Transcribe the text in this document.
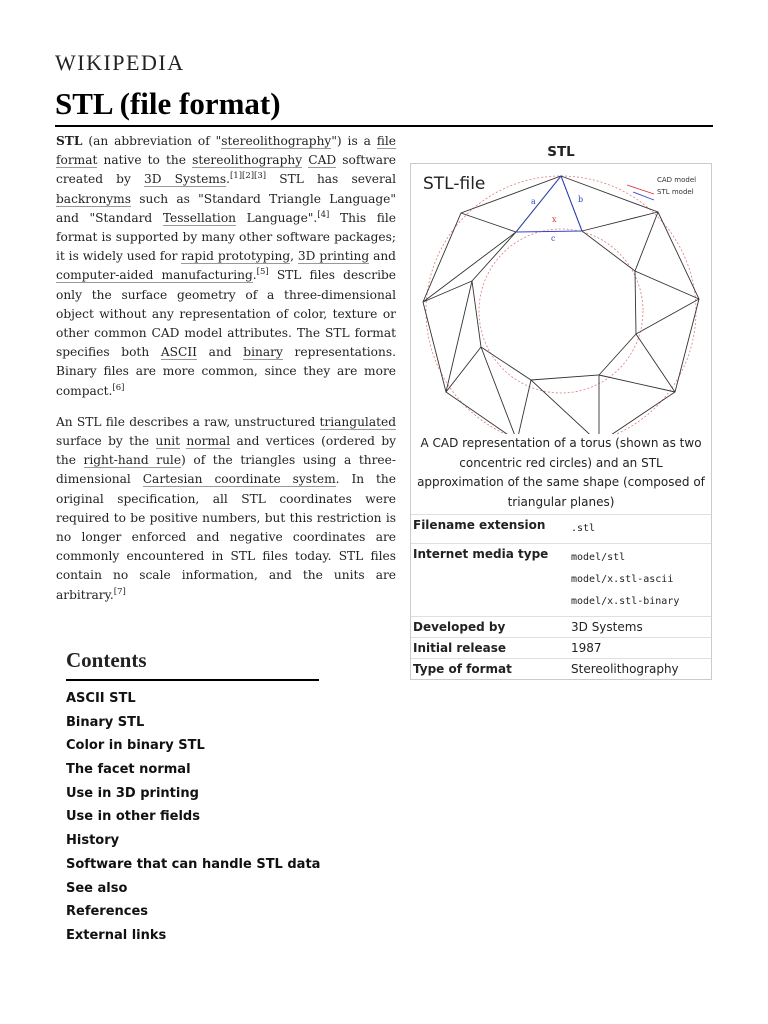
WIKIPEDIA
STL (file format)

STL (an abbreviation of "stereolithography") is a file format native to the stereolithography CAD software created by 3D Systems.[1][2][3] STL has several backronyms such as "Standard Triangle Language" and "Standard Tessellation Language".[4] This file format is supported by many other software packages; it is widely used for rapid prototyping, 3D printing and computer-aided manufacturing.[5] STL files describe only the surface geometry of a three-dimensional object without any representation of color, texture or other common CAD model attributes. The STL format specifies both ASCII and binary representations. Binary files are more common, since they are more compact.[6]

An STL file describes a raw, unstructured triangulated surface by the unit normal and vertices (ordered by the right-hand rule) of the triangles using a three-dimensional Cartesian coordinate system. In the original specification, all STL coordinates were required to be positive numbers, but this restriction is no longer enforced and negative coordinates are commonly encountered in STL files today. STL files contain no scale information, and the units are arbitrary.[7]

Contents
ASCII STL
Binary STL
Color in binary STL
The facet normal
Use in 3D printing
Use in other fields
History
Software that can handle STL data
See also
References
External links
STL
STL-file	CAD model
STL model
a	b
c
x
A CAD representation of a torus (shown as two concentric red circles) and an STL approximation of the same shape (composed of triangular planes)
Filename extension	.stl
Internet media type	model/stl
model/x.stl-ascii
model/x.stl-binary
Developed by	3D Systems
Initial release	1987
Type of format	Stereolithography
